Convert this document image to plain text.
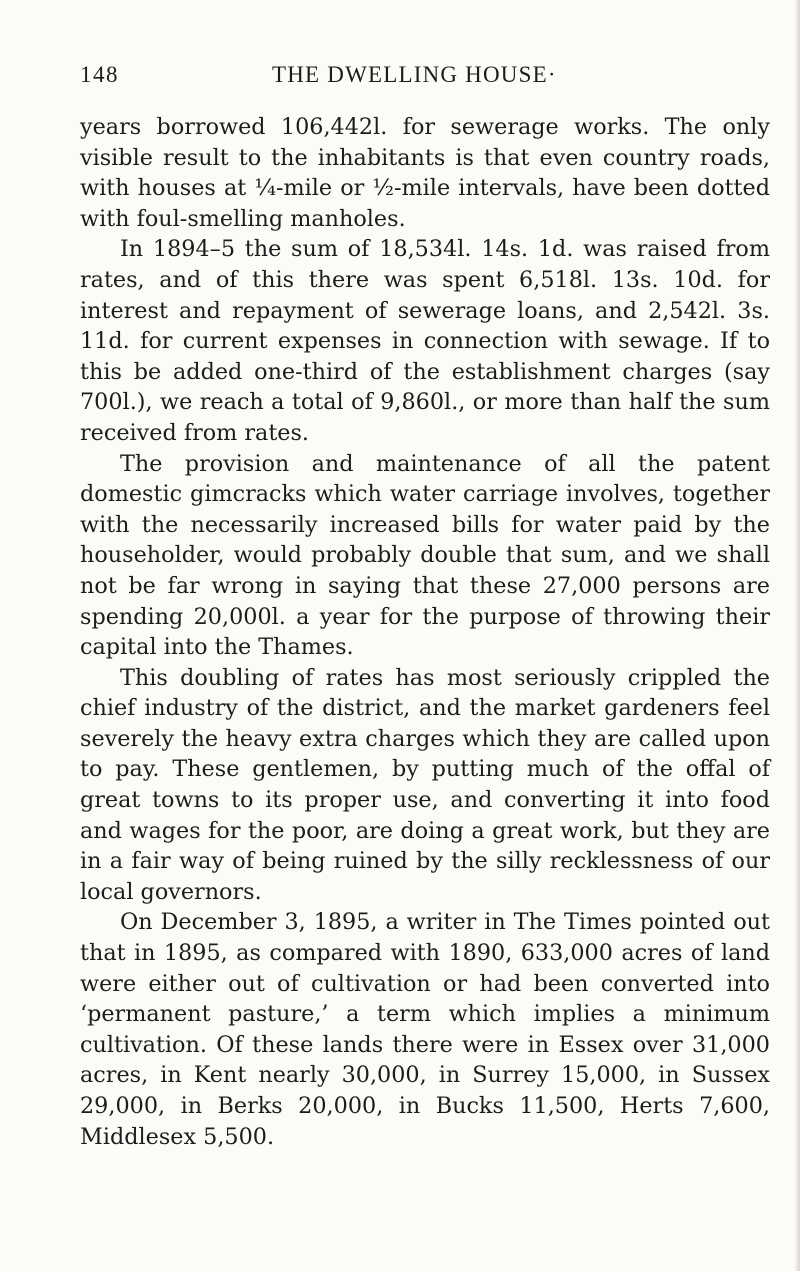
148	THE DWELLING HOUSE·

years borrowed 106,442l. for sewerage works. The only visible result to the inhabitants is that even country roads, with houses at ¼-mile or ½-mile intervals, have been dotted with foul-smelling manholes.

In 1894–5 the sum of 18,534l. 14s. 1d. was raised from rates, and of this there was spent 6,518l. 13s. 10d. for interest and repayment of sewerage loans, and 2,542l. 3s. 11d. for current expenses in connection with sewage. If to this be added one-third of the establishment charges (say 700l.), we reach a total of 9,860l., or more than half the sum received from rates.

The provision and maintenance of all the patent domestic gimcracks which water carriage involves, together with the necessarily increased bills for water paid by the householder, would probably double that sum, and we shall not be far wrong in saying that these 27,000 persons are spending 20,000l. a year for the purpose of throwing their capital into the Thames.

This doubling of rates has most seriously crippled the chief industry of the district, and the market gardeners feel severely the heavy extra charges which they are called upon to pay. These gentlemen, by putting much of the offal of great towns to its proper use, and converting it into food and wages for the poor, are doing a great work, but they are in a fair way of being ruined by the silly recklessness of our local governors.

On December 3, 1895, a writer in The Times pointed out that in 1895, as compared with 1890, 633,000 acres of land were either out of cultivation or had been converted into ‘permanent pasture,’ a term which implies a minimum cultivation. Of these lands there were in Essex over 31,000 acres, in Kent nearly 30,000, in Surrey 15,000, in Sussex 29,000, in Berks 20,000, in Bucks 11,500, Herts 7,600, Middlesex 5,500.
